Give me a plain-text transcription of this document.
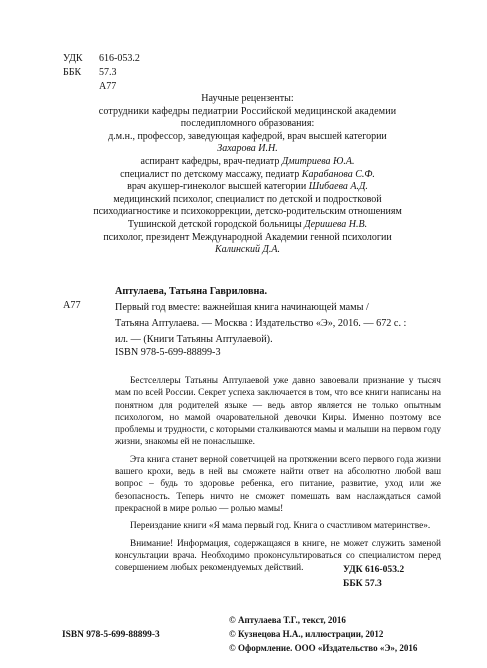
УДК	616-053.2
ББК	57.3
А77
Научные рецензенты:
сотрудники кафедры педиатрии Российской медицинской академии
последипломного образования:
д.м.н., профессор, заведующая кафедрой, врач высшей категории
Захарова И.Н.
аспирант кафедры, врач-педиатр Дмитриева Ю.А.
специалист по детскому массажу, педиатр Карабанова С.Ф.
врач акушер-гинеколог высшей категории Шибаева А.Д.
медицинский психолог, специалист по детской и подростковой
психодиагностике и психокоррекции, детско-родительским отношениям
Тушинской детской городской больницы Деришева Н.В.
психолог, президент Международной Академии генной психологии
Калинский Д.А.
Аптулаева, Татьяна Гавриловна.
А77	Первый год вместе: важнейшая книга начинающей мамы /
Татьяна Аптулаева. — Москва : Издательство «Э», 2016. — 672 с. :
ил. — (Книги Татьяны Аптулаевой).
ISBN 978-5-699-88899-3

Бестселлеры Татьяны Аптулаевой уже давно завоевали признание у тысяч мам по всей России. Секрет успеха заключается в том, что все книги написаны на понятном для родителей языке — ведь автор является не только опытным психологом, но мамой очаровательной девочки Киры. Именно поэтому все проблемы и трудности, с которыми сталкиваются мамы и малыши на первом году жизни, знакомы ей не понаслышке.

Эта книга станет верной советчицей на протяжении всего первого года жизни вашего крохи, ведь в ней вы сможете найти ответ на абсолютно любой ваш вопрос – будь то здоровье ребенка, его питание, развитие, уход или же безопасность. Теперь ничто не сможет помешать вам наслаждаться самой прекрасной в мире ролью — ролью мамы!

Переиздание книги «Я мама первый год. Книга о счастливом материнстве».

Внимание! Информация, содержащаяся в книге, не может служить заменой консультации врача. Необходимо проконсультироваться со специалистом перед совершением любых рекомендуемых действий.	УДК 616-053.2
ББК 57.3
ISBN 978-5-699-88899-3
© Аптулаева Т.Г., текст, 2016
© Кузнецова Н.А., иллюстрации, 2012
© Оформление. ООО «Издательство «Э», 2016
